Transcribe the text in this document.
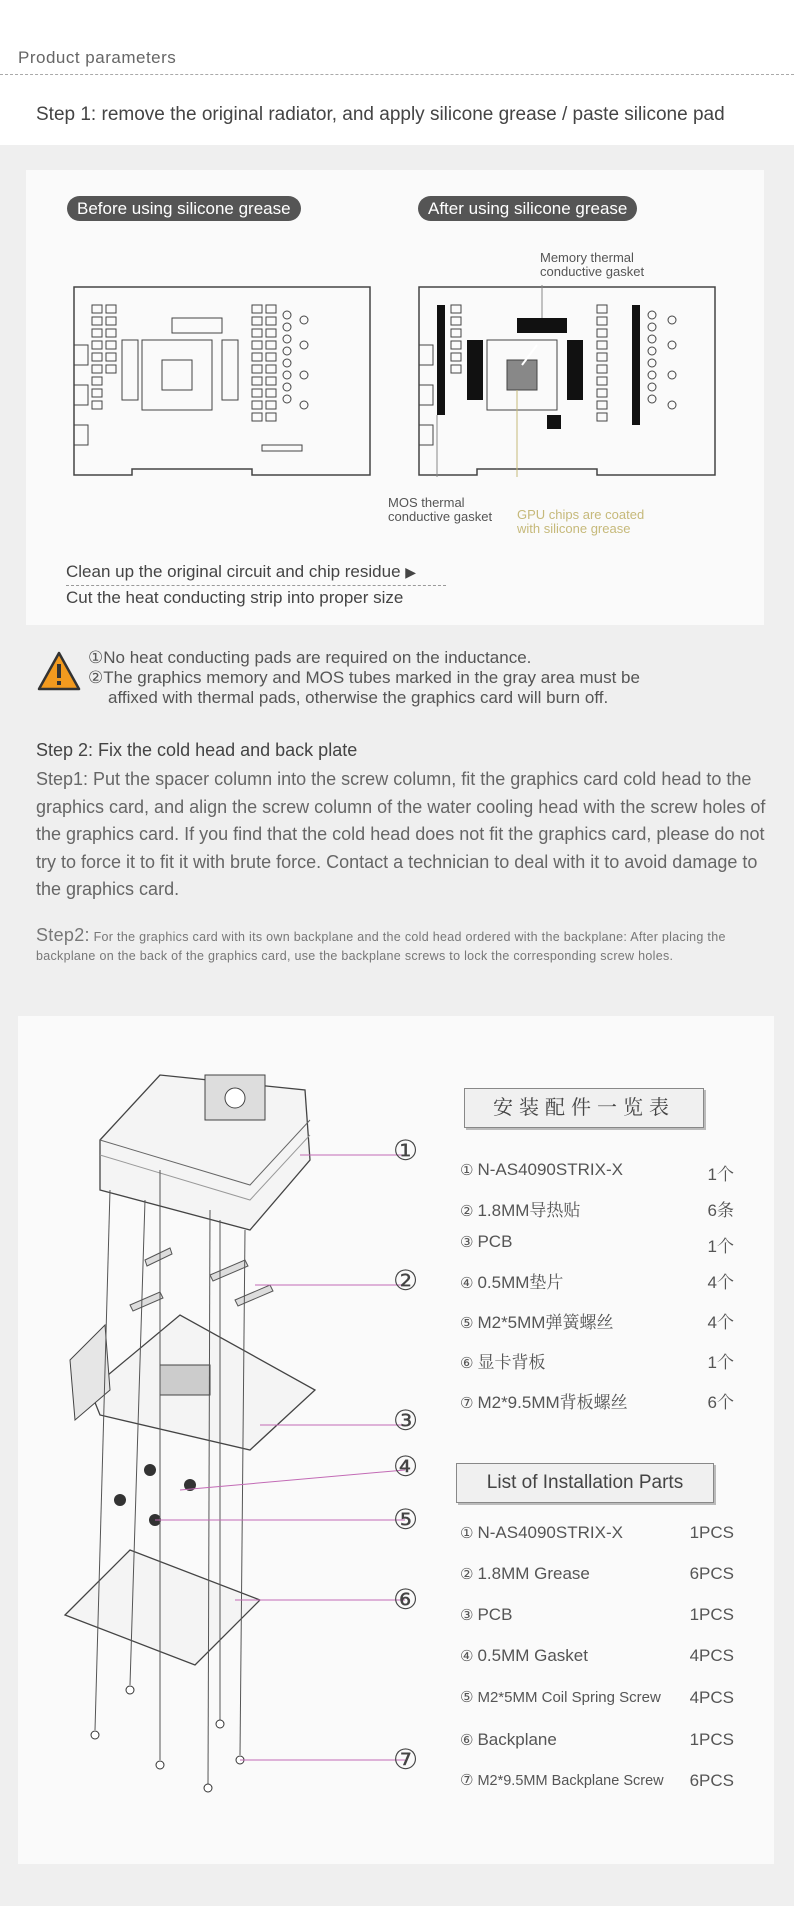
Product parameters
Step 1: remove the original radiator, and apply silicone grease / paste silicone pad
Before using silicone grease	After using silicone grease
Memory thermal conductive gasket
MOS thermal conductive gasket	GPU chips are coated with silicone grease
Clean up the original circuit and chip residue ▶
Cut the heat conducting strip into proper size
①No heat conducting pads are required on the inductance.
②The graphics memory and MOS tubes marked in the gray area must be
affixed with thermal pads, otherwise the graphics card will burn off.
Step 2: Fix the cold head and back plate
Step1: Put the spacer column into the screw column, fit the graphics card cold head to the graphics card, and align the screw column of the water cooling head with the screw holes of the graphics card. If you find that the cold head does not fit the graphics card, please do not try to force it to fit it with brute force. Contact a technician to deal with it to avoid damage to the graphics card.
Step2: For the graphics card with its own backplane and the cold head ordered with the backplane: After placing the backplane on the back of the graphics card, use the backplane screws to lock the corresponding screw holes.
①
②
③
④
⑤
⑥
⑦
安装配件一览表
① N-AS4090STRIX-X	1个
② 1.8MM导热贴	6条
③ PCB	1个
④ 0.5MM垫片	4个
⑤ M2*5MM弹簧螺丝	4个
⑥ 显卡背板	1个
⑦ M2*9.5MM背板螺丝	6个
List of Installation Parts
① N-AS4090STRIX-X	1PCS
② 1.8MM Grease	6PCS
③ PCB	1PCS
④ 0.5MM Gasket	4PCS
⑤ M2*5MM Coil Spring Screw 4PCS
⑥ Backplane	1PCS
⑦ M2*9.5MM Backplane Screw 6PCS
